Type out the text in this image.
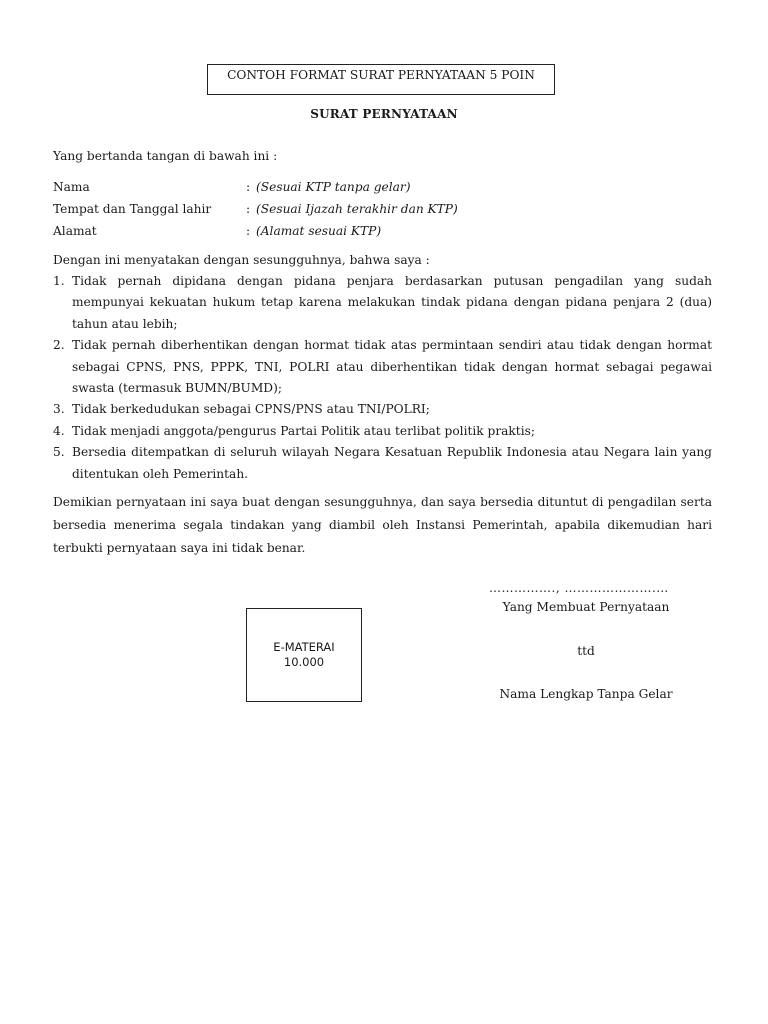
CONTOH FORMAT SURAT PERNYATAAN 5 POIN
SURAT PERNYATAAN
Yang bertanda tangan di bawah ini :
Nama	: (Sesuai KTP tanpa gelar)
Tempat dan Tanggal lahir	: (Sesuai Ijazah terakhir dan KTP)
Alamat	: (Alamat sesuai KTP)
Dengan ini menyatakan dengan sesungguhnya, bahwa saya :
1. Tidak pernah dipidana dengan pidana penjara berdasarkan putusan pengadilan yang sudah mempunyai kekuatan hukum tetap karena melakukan tindak pidana dengan pidana penjara 2 (dua) tahun atau lebih;
2. Tidak pernah diberhentikan dengan hormat tidak atas permintaan sendiri atau tidak dengan hormat sebagai CPNS, PNS, PPPK, TNI, POLRI atau diberhentikan tidak dengan hormat sebagai pegawai swasta (termasuk BUMN/BUMD);
3. Tidak berkedudukan sebagai CPNS/PNS atau TNI/POLRI;
4. Tidak menjadi anggota/pengurus Partai Politik atau terlibat politik praktis;
5. Bersedia ditempatkan di seluruh wilayah Negara Kesatuan Republik Indonesia atau Negara lain yang ditentukan oleh Pemerintah.
Demikian pernyataan ini saya buat dengan sesungguhnya, dan saya bersedia dituntut di pengadilan serta bersedia menerima segala tindakan yang diambil oleh Instansi Pemerintah, apabila dikemudian hari terbukti pernyataan saya ini tidak benar.
……………., ………………….…
Yang Membuat Pernyataan
ttd
Nama Lengkap Tanpa Gelar
E-MATERAI
10.000
